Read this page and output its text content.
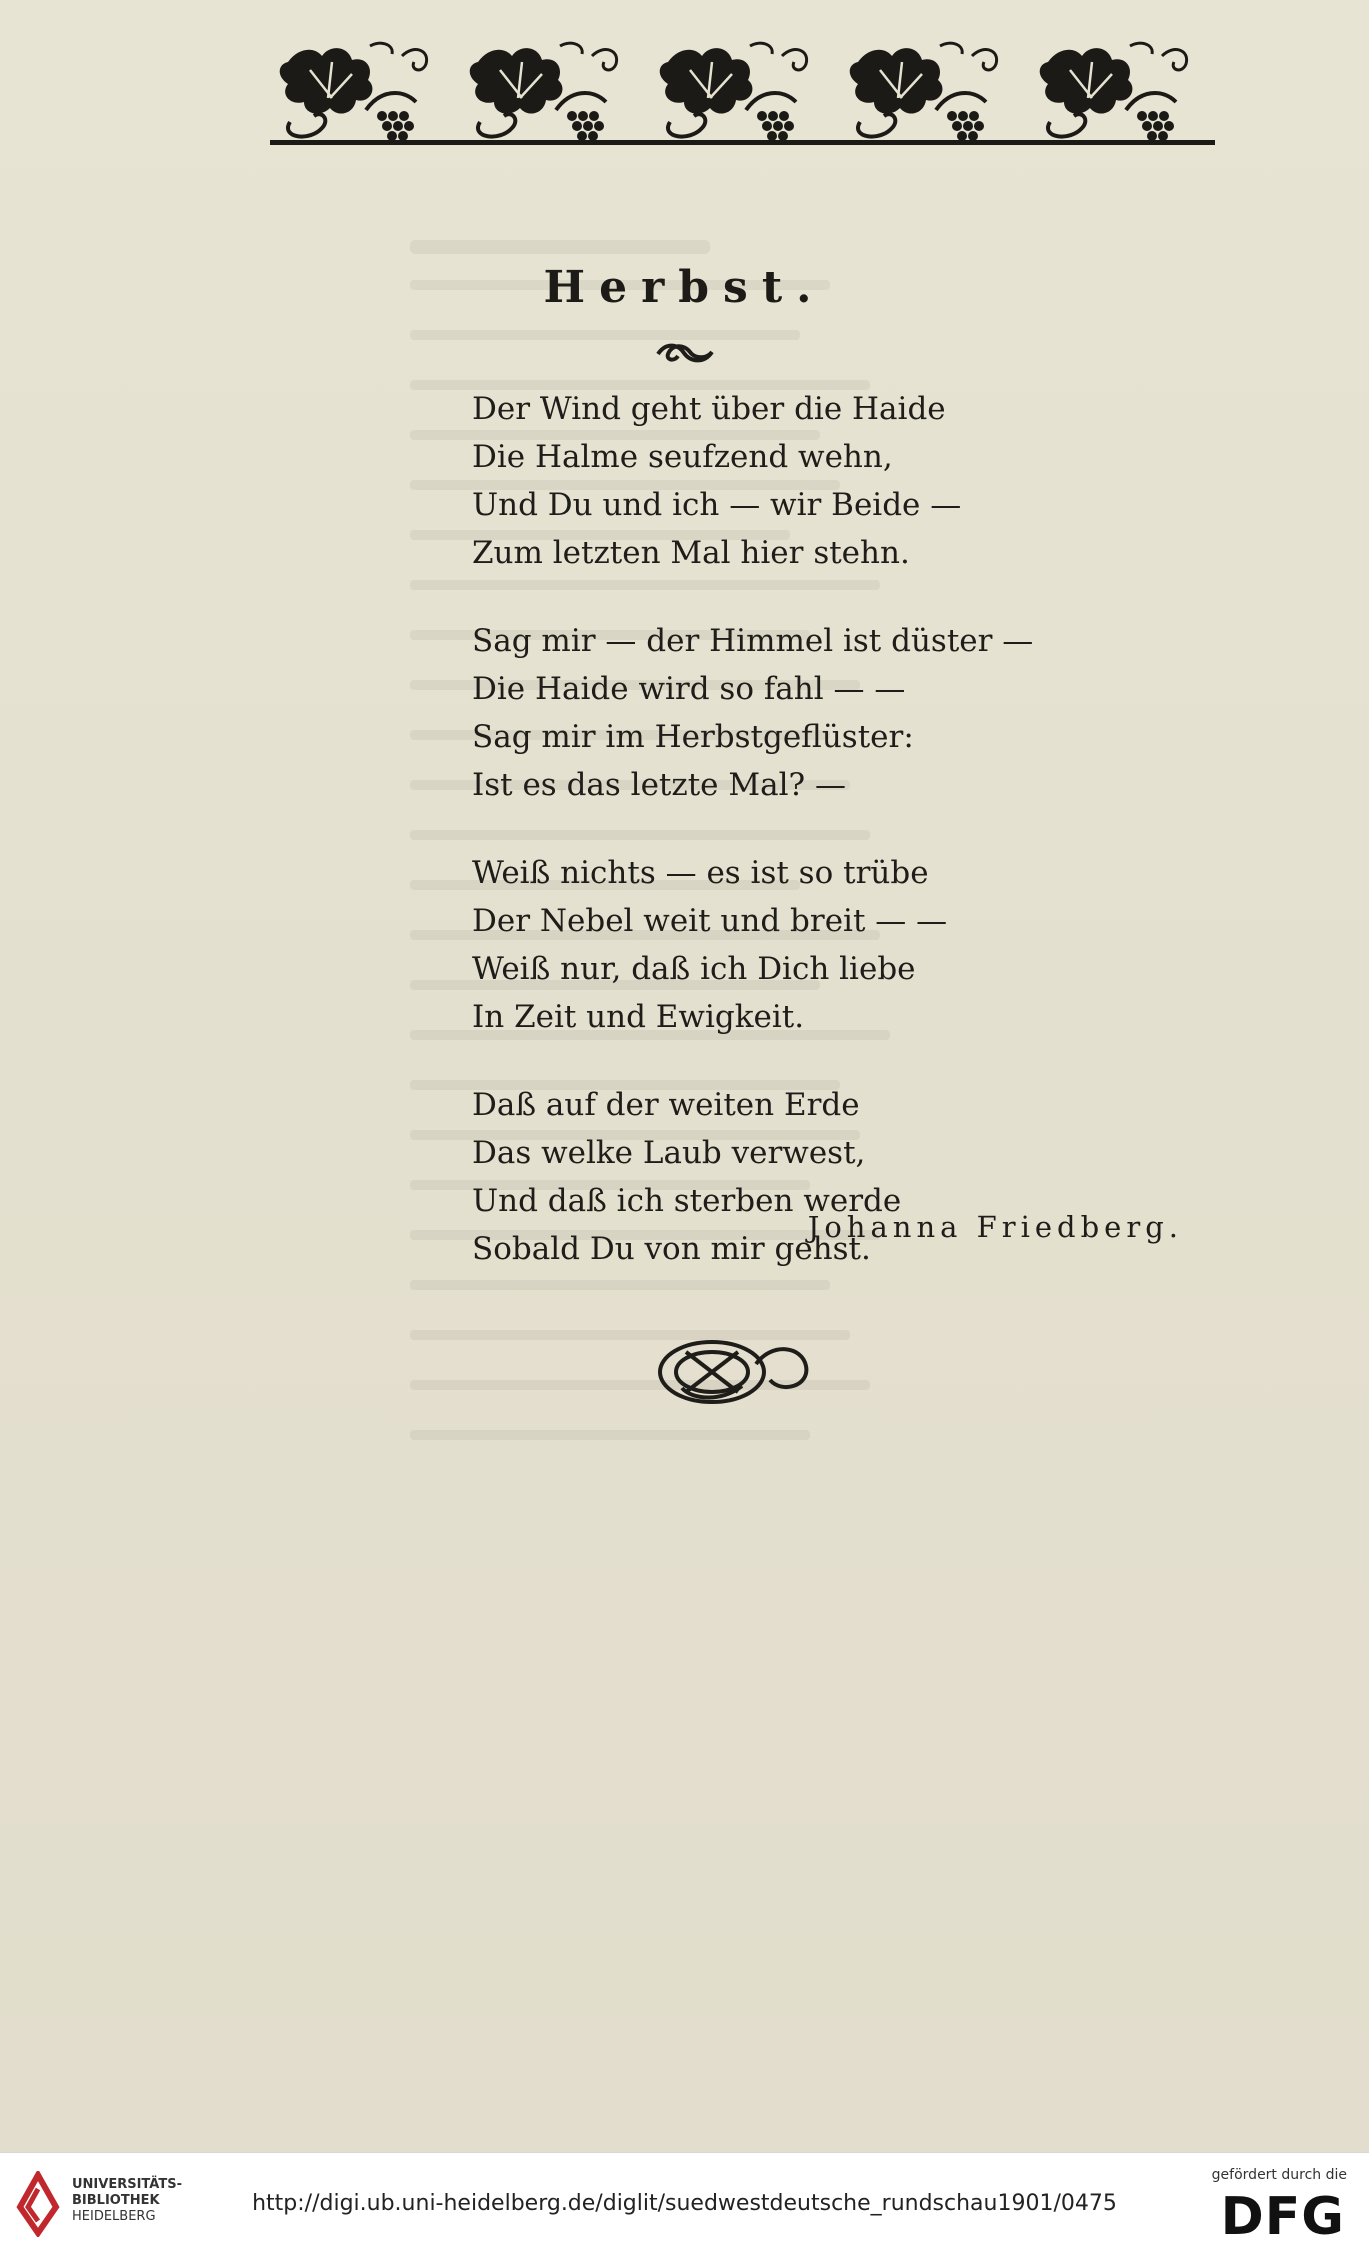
Herbst.
Der Wind geht über die Haide
Die Halme seufzend wehn,
Und Du und ich — wir Beide —
Zum letzten Mal hier stehn.
Sag mir — der Himmel ist düster —
Die Haide wird so fahl — —
Sag mir im Herbstgeflüster:
Ist es das letzte Mal? —
Weiß nichts — es ist so trübe
Der Nebel weit und breit — —
Weiß nur, daß ich Dich liebe
In Zeit und Ewigkeit.
Daß auf der weiten Erde
Das welke Laub verwest,
Und daß ich sterben werde
Sobald Du von mir gehst.
Johanna Friedberg.
UNIVERSITÄTS-
BIBLIOTHEK
HEIDELBERG
http://digi.ub.uni-heidelberg.de/diglit/suedwestdeutsche_rundschau1901/0475
gefördert durch die
DFG
